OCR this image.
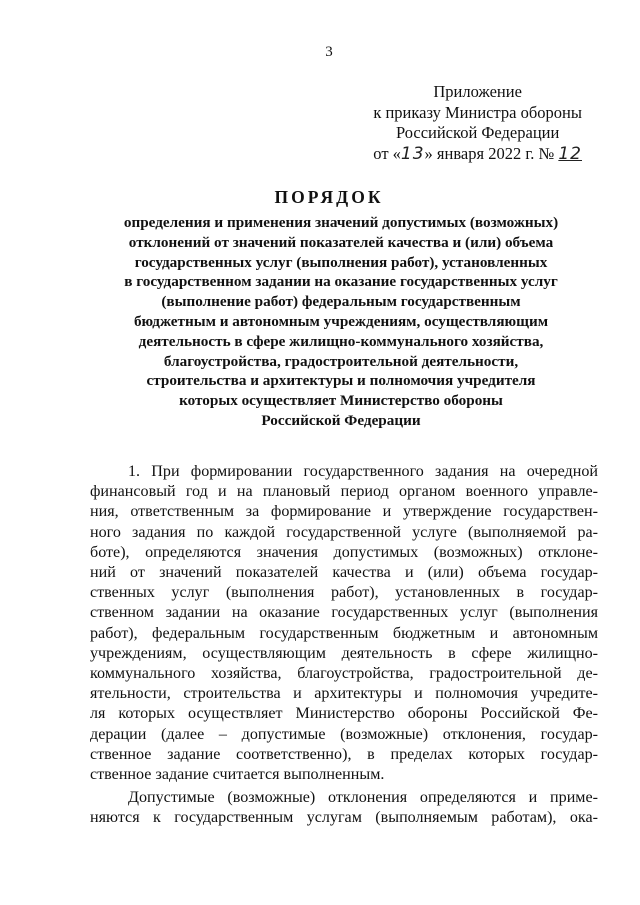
3
Приложение
к приказу Министра обороны
Российской Федерации
от «13» января 2022 г. № 12
ПОРЯДОК
определения и применения значений допустимых (возможных)
отклонений от значений показателей качества и (или) объема
государственных услуг (выполнения работ), установленных
в государственном задании на оказание государственных услуг
(выполнение работ) федеральным государственным
бюджетным и автономным учреждениям, осуществляющим
деятельность в сфере жилищно-коммунального хозяйства,
благоустройства, градостроительной деятельности,
строительства и архитектуры и полномочия учредителя
которых осуществляет Министерство обороны
Российской Федерации
1. При формировании государственного задания на очередной
финансовый год и на плановый период органом военного управле-
ния, ответственным за формирование и утверждение государствен-
ного задания по каждой государственной услуге (выполняемой ра-
боте), определяются значения допустимых (возможных) отклоне-
ний от значений показателей качества и (или) объема государ-
ственных услуг (выполнения работ), установленных в государ-
ственном задании на оказание государственных услуг (выполнения
работ), федеральным государственным бюджетным и автономным
учреждениям, осуществляющим деятельность в сфере жилищно-
коммунального хозяйства, благоустройства, градостроительной де-
ятельности, строительства и архитектуры и полномочия учредите-
ля которых осуществляет Министерство обороны Российской Фе-
дерации (далее – допустимые (возможные) отклонения, государ-
ственное задание соответственно), в пределах которых государ-
ственное задание считается выполненным.
Допустимые (возможные) отклонения определяются и приме-
няются к государственным услугам (выполняемым работам), ока-
